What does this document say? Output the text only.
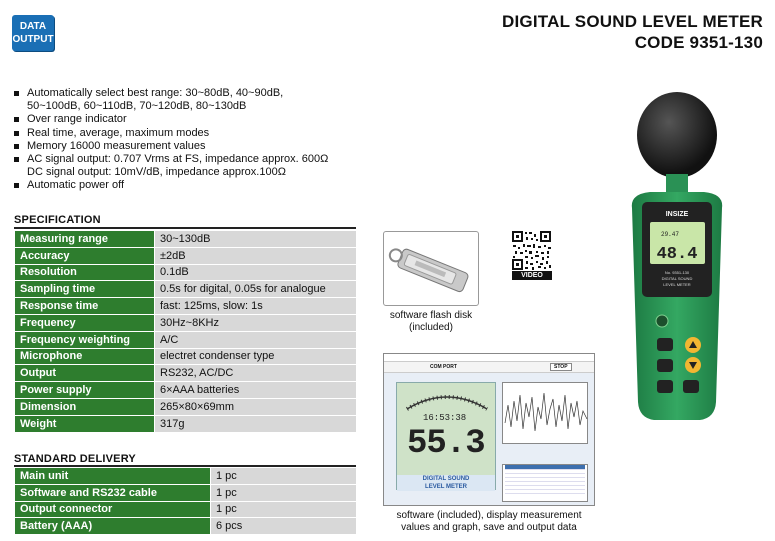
DATA
OUTPUT
DIGITAL SOUND LEVEL METER
CODE 9351-130
Automatically select best range: 30~80dB, 40~90dB,
50~100dB, 60~110dB, 70~120dB, 80~130dB
Over range indicator
Real time, average, maximum modes
Memory 16000 measurement values
AC signal output: 0.707 Vrms at FS, impedance approx. 600Ω
DC signal output: 10mV/dB, impedance approx.100Ω
Automatic power off
SPECIFICATION
Measuring range	30~130dB
Accuracy	±2dB
Resolution	0.1dB
Sampling time	0.5s for digital, 0.05s for analogue
Response time	fast: 125ms, slow: 1s
Frequency	30Hz~8KHz
Frequency weighting	A/C
Microphone	electret condenser type
Output	RS232, AC/DC
Power supply	6×AAA batteries
Dimension	265×80×69mm
Weight	317g
STANDARD DELIVERY
Main unit	1 pc
Software and RS232 cable	1 pc
Output connector	1 pc
Battery (AAA)	6 pcs
software flash disk
(included)
VIDEO
COM PORT	STOP
16:53:38
55.3
DIGITAL SOUND
LEVEL METER
software (included), display measurement
values and graph, save and output data
INSIZE
48.4
29.47
No. 9351-130
DIGITAL SOUND
LEVEL METER
